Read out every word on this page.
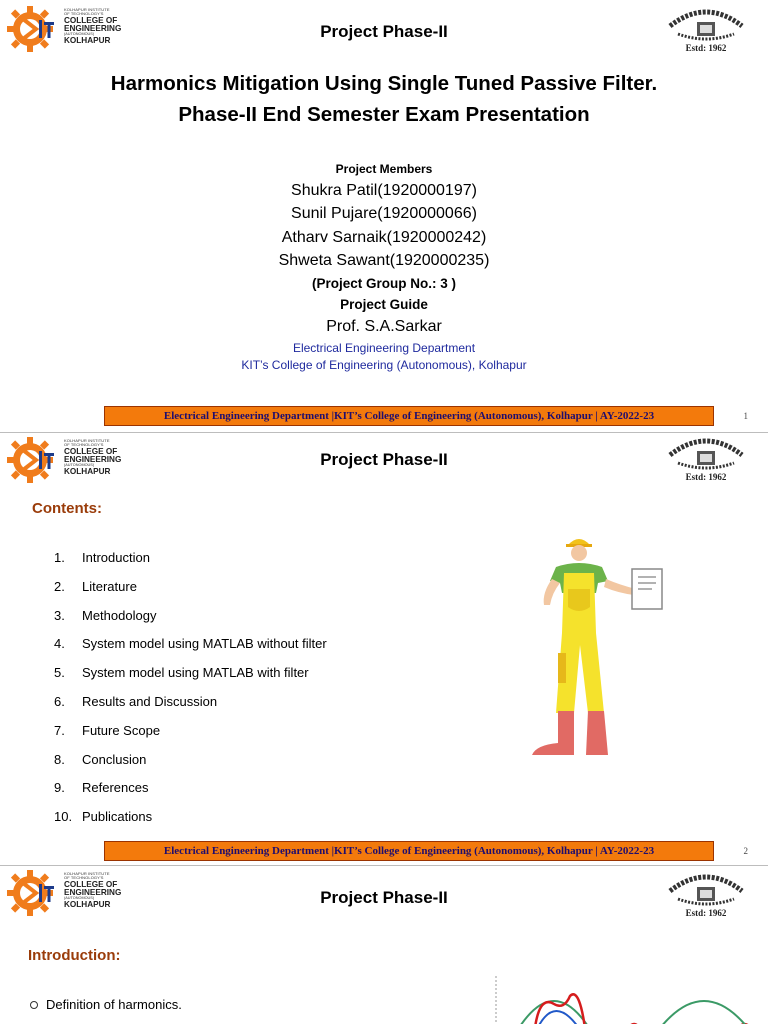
KOLHAPUR INSTITUTE
OF TECHNOLOGY'S
COLLEGE OF
ENGINEERING
(AUTONOMOUS)
KOLHAPUR	Project Phase-II
Estd: 1962
Harmonics Mitigation Using Single Tuned Passive Filter.
Phase-II End Semester Exam Presentation
Project Members
Shukra Patil(1920000197)
Sunil Pujare(1920000066)
Atharv Sarnaik(1920000242)
Shweta Sawant(1920000235)
(Project Group No.: 3 )
Project Guide
Prof. S.A.Sarkar
Electrical Engineering Department
KIT’s College of Engineering (Autonomous), Kolhapur
Electrical Engineering Department |KIT’s College of Engineering (Autonomous), Kolhapur | AY-2022-23	1
KOLHAPUR INSTITUTE
OF TECHNOLOGY'S
COLLEGE OF
ENGINEERING
(AUTONOMOUS)
KOLHAPUR
Project Phase-II
Estd: 1962
Contents:
1.	Introduction
2.	Literature
3.	Methodology
4.	System model using MATLAB without filter
5.	System model using MATLAB with filter
6.	Results and Discussion
7.	Future Scope
8.	Conclusion
9.	References
10. Publications
Electrical Engineering Department |KIT’s College of Engineering (Autonomous), Kolhapur | AY-2022-23	2
KOLHAPUR INSTITUTE
OF TECHNOLOGY'S
COLLEGE OF
ENGINEERING
(AUTONOMOUS)
KOLHAPUR	Project Phase-II
Estd: 1962
Introduction:
Definition of harmonics.
